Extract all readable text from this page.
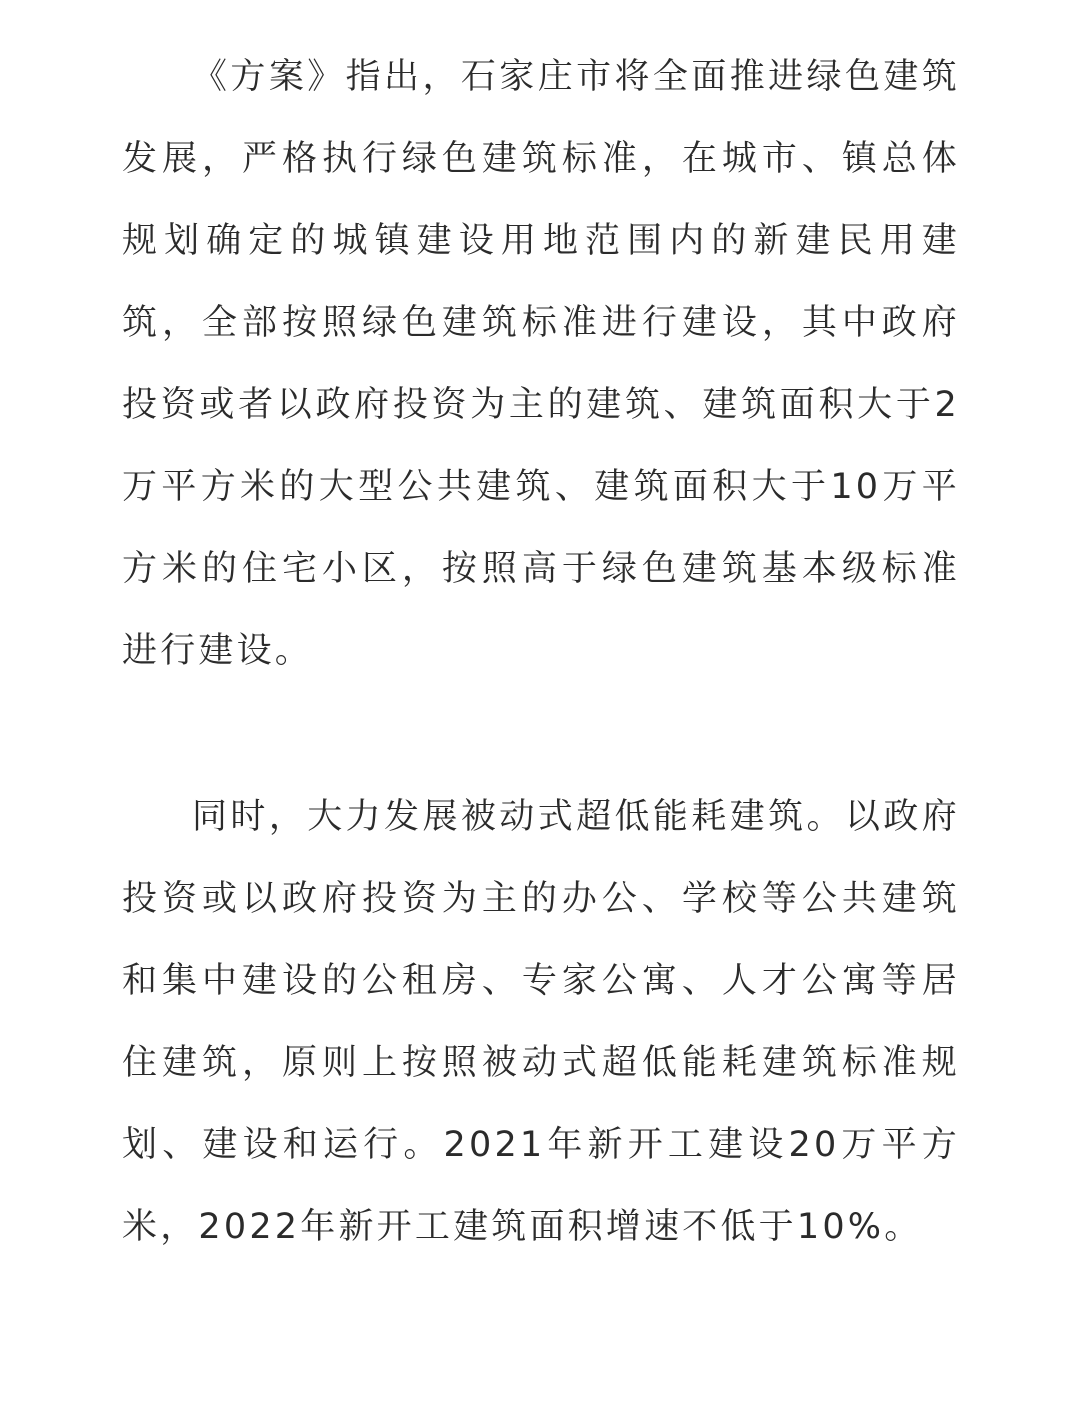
《方案》指出，石家庄市将全面推进绿色建筑发展，严格执行绿色建筑标准，在城市、镇总体规划确定的城镇建设用地范围内的新建民用建筑，全部按照绿色建筑标准进行建设，其中政府投资或者以政府投资为主的建筑、建筑面积大于2万平方米的大型公共建筑、建筑面积大于10万平方米的住宅小区，按照高于绿色建筑基本级标准进行建设。

同时，大力发展被动式超低能耗建筑。以政府投资或以政府投资为主的办公、学校等公共建筑和集中建设的公租房、专家公寓、人才公寓等居住建筑，原则上按照被动式超低能耗建筑标准规划、建设和运行。2021年新开工建设20万平方米，2022年新开工建筑面积增速不低于10%。
